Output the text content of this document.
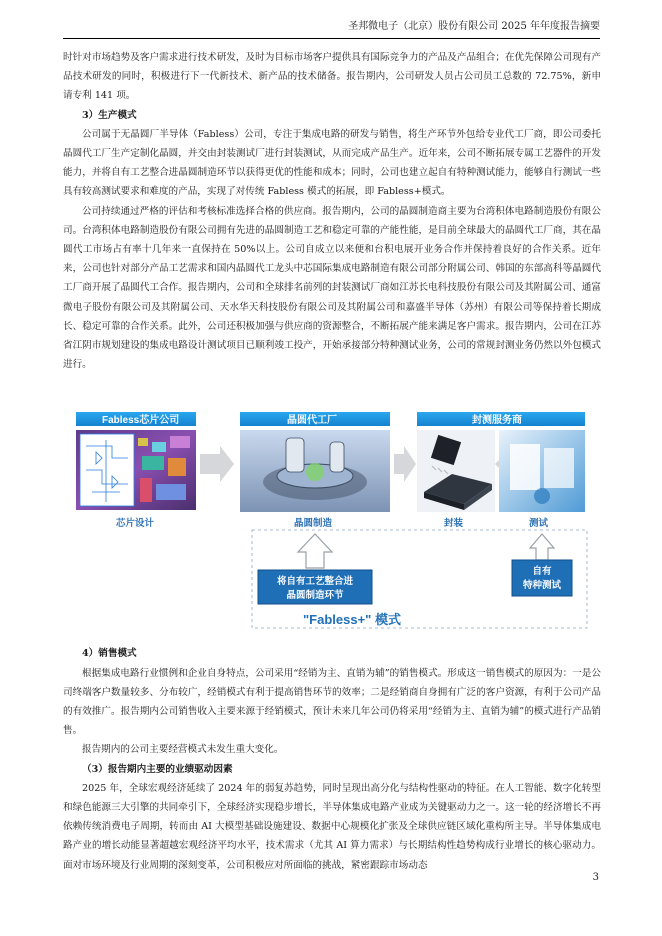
圣邦微电子（北京）股份有限公司 2025 年年度报告摘要

时针对市场趋势及客户需求进行技术研发，及时为目标市场客户提供具有国际竞争力的产品及产品组合；在优先保障公司现有产品技术研发的同时，积极进行下一代新技术、新产品的技术储备。报告期内，公司研发人员占公司员工总数的 72.75%，新申请专利 141 项。

3）生产模式

公司属于无晶圆厂半导体（Fabless）公司，专注于集成电路的研发与销售，将生产环节外包给专业代工厂商，即公司委托晶圆代工厂生产定制化晶圆，并交由封装测试厂进行封装测试，从而完成产品生产。近年来，公司不断拓展专属工艺器件的开发能力，并将自有工艺整合进晶圆制造环节以获得更优的性能和成本；同时，公司也建立起自有特种测试能力，能够自行测试一些具有较高测试要求和难度的产品，实现了对传统 Fabless 模式的拓展，即 Fabless+模式。

公司持续通过严格的评估和考核标准选择合格的供应商。报告期内，公司的晶圆制造商主要为台湾积体电路制造股份有限公司。台湾积体电路制造股份有限公司拥有先进的晶圆制造工艺和稳定可靠的产能性能，是目前全球最大的晶圆代工厂商，其在晶圆代工市场占有率十几年来一直保持在 50%以上。公司自成立以来便和台积电展开业务合作并保持着良好的合作关系。近年来，公司也针对部分产品工艺需求和国内晶圆代工龙头中芯国际集成电路制造有限公司部分附属公司、韩国的东部高科等晶圆代工厂商开展了晶圆代工合作。报告期内，公司和全球排名前列的封装测试厂商如江苏长电科技股份有限公司及其附属公司、通富微电子股份有限公司及其附属公司、天水华天科技股份有限公司及其附属公司和嘉盛半导体（苏州）有限公司等保持着长期成长、稳定可靠的合作关系。此外，公司还积极加强与供应商的资源整合，不断拓展产能来满足客户需求。报告期内，公司在江苏省江阴市规划建设的集成电路设计测试项目已顺利竣工投产，开始承接部分特种测试业务，公司的常规封测业务仍然以外包模式进行。

Fabless芯片公司	晶圆代工厂	封测服务商
芯片设计	晶圆制造	封装	测试
将自有工艺整合进
晶圆制造环节
自有
特种测试
"Fabless+" 模式
4）销售模式

根据集成电路行业惯例和企业自身特点，公司采用“经销为主、直销为辅”的销售模式。形成这一销售模式的原因为：一是公司终端客户数量较多、分布较广，经销模式有利于提高销售环节的效率；二是经销商自身拥有广泛的客户资源，有利于公司产品的有效推广。报告期内公司销售收入主要来源于经销模式，预计未来几年公司仍将采用“经销为主、直销为辅”的模式进行产品销售。

报告期内的公司主要经营模式未发生重大变化。

（3）报告期内主要的业绩驱动因素

2025 年，全球宏观经济延续了 2024 年的弱复苏趋势，同时呈现出高分化与结构性驱动的特征。在人工智能、数字化转型和绿色能源三大引擎的共同牵引下，全球经济实现稳步增长，半导体集成电路产业成为关键驱动力之一。这一轮的经济增长不再依赖传统消费电子周期，转而由 AI 大模型基础设施建设、数据中心规模化扩张及全球供应链区域化重构所主导。半导体集成电路产业的增长动能显著超越宏观经济平均水平，技术需求（尤其 AI 算力需求）与长期结构性趋势构成行业增长的核心驱动力。面对市场环境及行业周期的深刻变革，公司积极应对所面临的挑战，紧密跟踪市场动态

3
